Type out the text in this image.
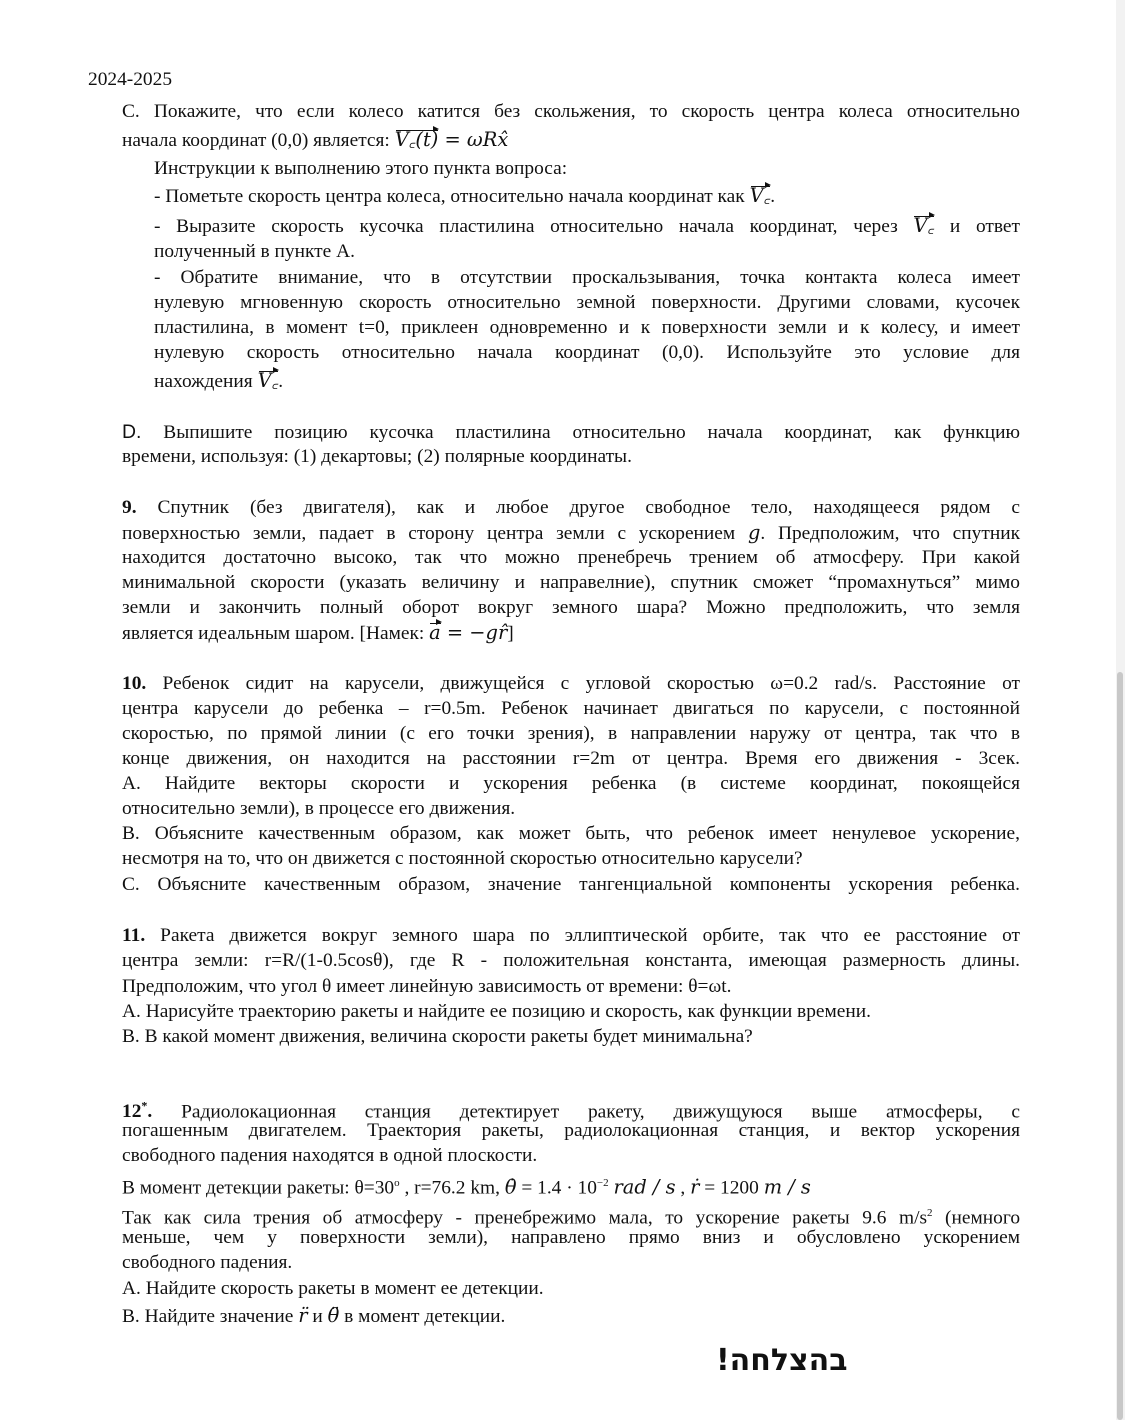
2024-2025
C. Покажите, что если колесо катится без скольжения, то скорость центра колеса относительно
начала координат (0,0) является: V꜀(t) = ωRx̂
Инструкции к выполнению этого пункта вопроса:
- Пометьте скорость центра колеса, относительно начала координат как V꜀.
- Выразите скорость кусочка пластилина относительно начала координат, через V꜀ и ответ
полученный в пункте А.
- Обратите внимание, что в отсутствии проскальзывания, точка контакта колеса имеет
нулевую мгновенную скорость относительно земной поверхности. Другими словами, кусочек
пластилина, в момент t=0, приклеен одновременно и к поверхности земли и к колесу, и имеет
нулевую скорость относительно начала координат (0,0). Используйте это условие для
нахождения V꜀.
D. Выпишите позицию кусочка пластилина относительно начала координат, как функцию
времени, используя: (1) декартовы; (2) полярные координаты.
9. Спутник (без двигателя), как и любое другое свободное тело, находящееся рядом с
поверхностью земли, падает в сторону центра земли с ускорением g. Предположим, что спутник
находится достаточно высоко, так что можно пренебречь трением об атмосферу. При какой
минимальной скорости (указать величину и направелние), спутник сможет “промахнуться” мимо
земли и закончить полный оборот вокруг земного шара? Можно предположить, что земля
является идеальным шаром. [Намек: a = −gr̂]
10. Ребенок сидит на карусели, движущейся с угловой скоростью ω=0.2 rad/s. Расстояние от
центра карусели до ребенка – r=0.5m. Ребенок начинает двигаться по карусели, с постоянной
скоростью, по прямой линии (с его точки зрения), в направлении наружу от центра, так что в
конце движения, он находится на расстоянии r=2m от центра. Время его движения - 3сек.
A. Найдите векторы скорости и ускорения ребенка (в системе координат, покоящейся
относительно земли), в процессе его движения.
B. Объясните качественным образом, как может быть, что ребенок имеет ненулевое ускорение,
несмотря на то, что он движется с постоянной скоростью относительно карусели?
C. Объясните качественным образом, значение тангенциальной компоненты ускорения ребенка.
11. Ракета движется вокруг земного шара по эллиптической орбите, так что ее расстояние от
центра земли: r=R/(1-0.5cosθ), где R - положительная константа, имеющая размерность длины.
Предположим, что угол θ имеет линейную зависимость от времени: θ=ωt.
A. Нарисуйте траекторию ракеты и найдите ее позицию и скорость, как функции времени.
B. В какой момент движения, величина скорости ракеты будет минимальна?
12*. Радиолокационная станция детектирует ракету, движущуюся выше атмосферы, с
погашенным двигателем. Траектория ракеты, радиолокационная станция, и вектор ускорения
свободного падения находятся в одной плоскости.
В момент детекции ракеты: $\theta=30^o$ , r=76.2 km, θ̇ = $1.4 \cdot 10^{-2}$ rad / s , ṙ = 1200 m / s
Так как сила трения об атмосферу - пренебрежимо мала, то ускорение ракеты 9.6 $m/s^2$ (немного
меньше, чем у поверхности земли), направлено прямо вниз и обусловлено ускорением
свободного падения.
A. Найдите скорость ракеты в момент ее детекции.
B. Найдите значение r̈ и θ̈ в момент детекции.
בהצלחה!
